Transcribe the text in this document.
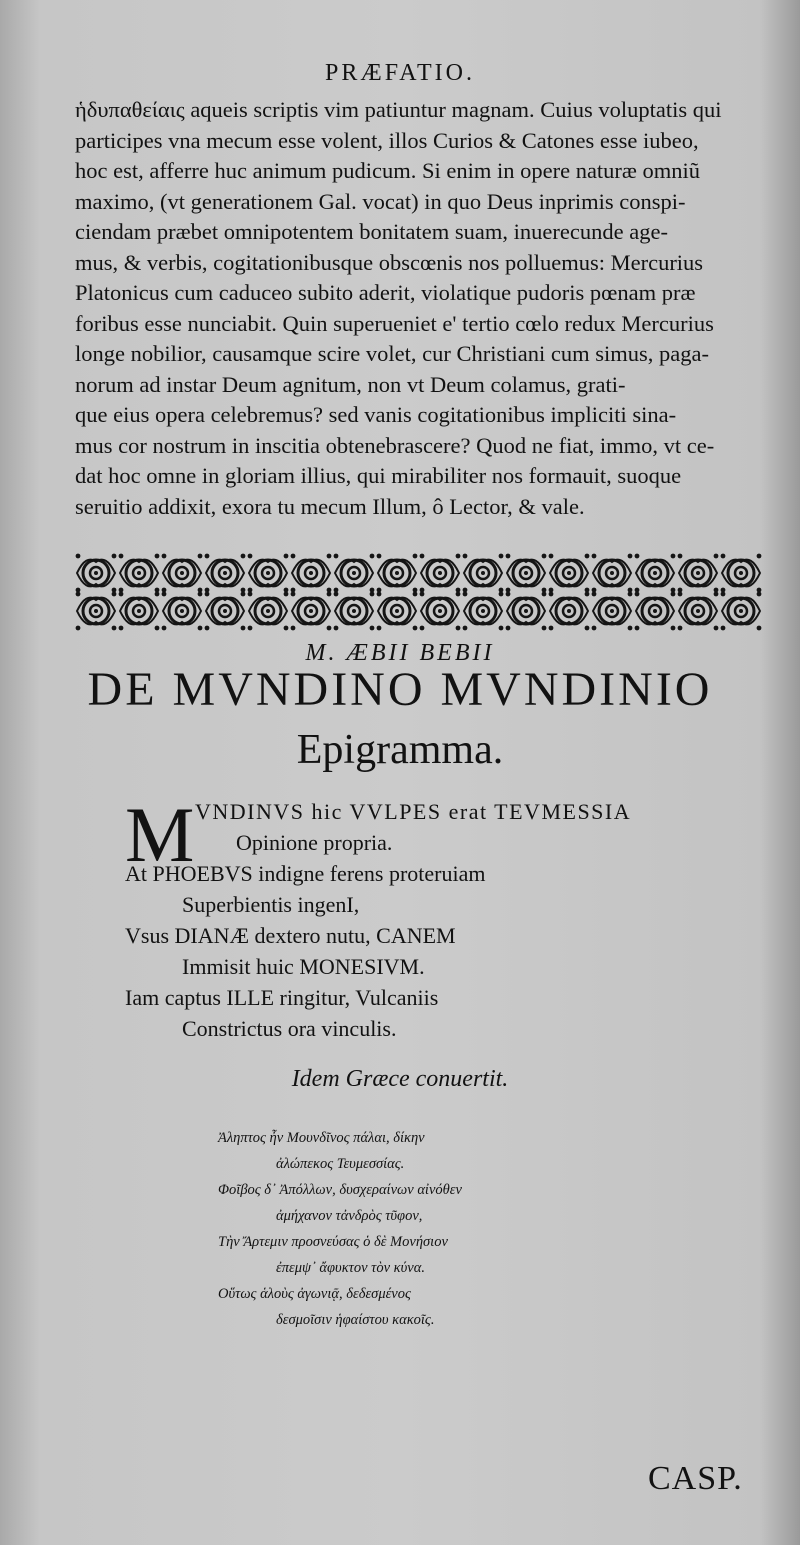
PRÆFATIO.

ἡδυπαθείαις aqueis scriptis vim patiuntur magnam. Cuius voluptatis qui

participes vna mecum esse volent, illos Curios & Catones esse iubeo,

hoc est, afferre huc animum pudicum. Si enim in opere naturæ omniũ

maximo, (vt generationem Gal. vocat) in quo Deus inprimis conspi-

ciendam præbet omnipotentem bonitatem suam, inuerecunde age-

mus, & verbis, cogitationibusque obscœnis nos polluemus: Mercurius

Platonicus cum caduceo subito aderit, violatique pudoris pœnam præ

foribus esse nunciabit. Quin superueniet e' tertio cœlo redux Mercurius

longe nobilior, causamque scire volet, cur Christiani cum simus, paga-

norum ad instar Deum agnitum, non vt Deum colamus, grati-

que eius opera celebremus? sed vanis cogitationibus impliciti sina-

mus cor nostrum in inscitia obtenebrascere? Quod ne fiat, immo, vt ce-

dat hoc omne in gloriam illius, qui mirabiliter nos formauit, suoque

seruitio addixit, exora tu mecum Illum, ô Lector, & vale.

M. ÆBII BEBII
DE MVNDINO MVNDINIO
Epigramma.
M VNDINVS hic VVLPES erat TEVMESSIA
Opinione propria.
At PHOEBVS indigne ferens proteruiam
Superbientis ingenI,
Vsus DIANÆ dextero nutu, CANEM
Immisit huic MONESIVM.
Iam captus ILLE ringitur, Vulcaniis
Constrictus ora vinculis.
Idem Græce conuertit.
Ἀληπτος ἦν Μουνδῖνος πάλαι, δίκην
ἀλώπεκος Τευμεσσίας.
Φοῖβος δ᾽ Ἀπόλλων, δυσχεραίνων αἰνόθεν
ἀμήχανον τἀνδρὸς τῦφον,
Τὴν Ἄρτεμιν προσνεύσας ὁ δὲ Μονήσιον
ἐπεμψ᾽ ἄφυκτον τὸν κύνα.
Οὕτως ἁλοὺς ἀγωνιᾷ, δεδεσμένος
δεσμοῖσιν ἡφαίστου κακοῖς.
CASP.
